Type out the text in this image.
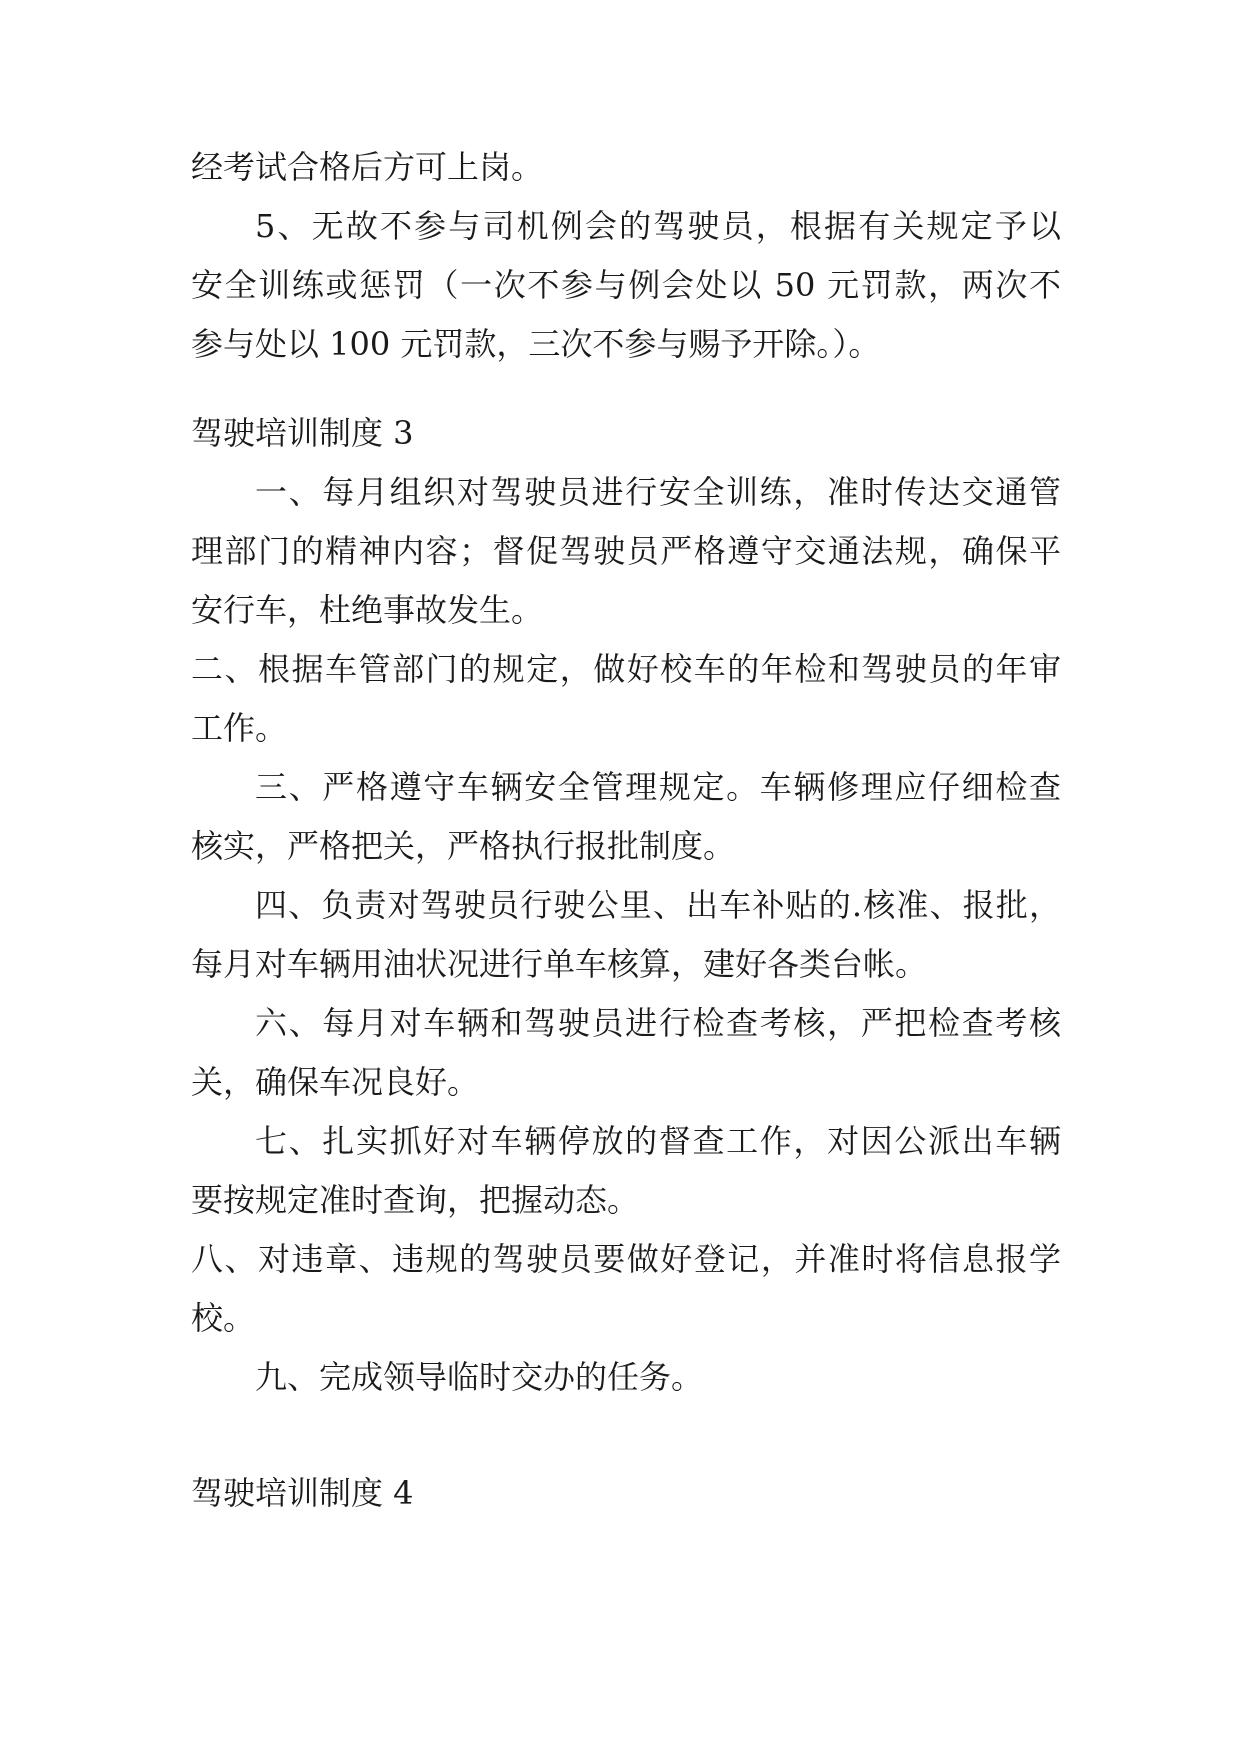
经考试合格后方可上岗。
5、无故不参与司机例会的驾驶员，根据有关规定予以
安全训练或惩罚（一次不参与例会处以 50 元罚款，两次不
参与处以 100 元罚款，三次不参与赐予开除。）。
驾驶培训制度 3
一、每月组织对驾驶员进行安全训练，准时传达交通管
理部门的精神内容；督促驾驶员严格遵守交通法规，确保平
安行车，杜绝事故发生。
二、根据车管部门的规定，做好校车的年检和驾驶员的年审
工作。
三、严格遵守车辆安全管理规定。车辆修理应仔细检查
核实，严格把关，严格执行报批制度。
四、负责对驾驶员行驶公里、出车补贴的.核准、报批，
每月对车辆用油状况进行单车核算，建好各类台帐。
六、每月对车辆和驾驶员进行检查考核，严把检查考核
关，确保车况良好。
七、扎实抓好对车辆停放的督查工作，对因公派出车辆
要按规定准时查询，把握动态。
八、对违章、违规的驾驶员要做好登记，并准时将信息报学
校。
九、完成领导临时交办的任务。
驾驶培训制度 4
